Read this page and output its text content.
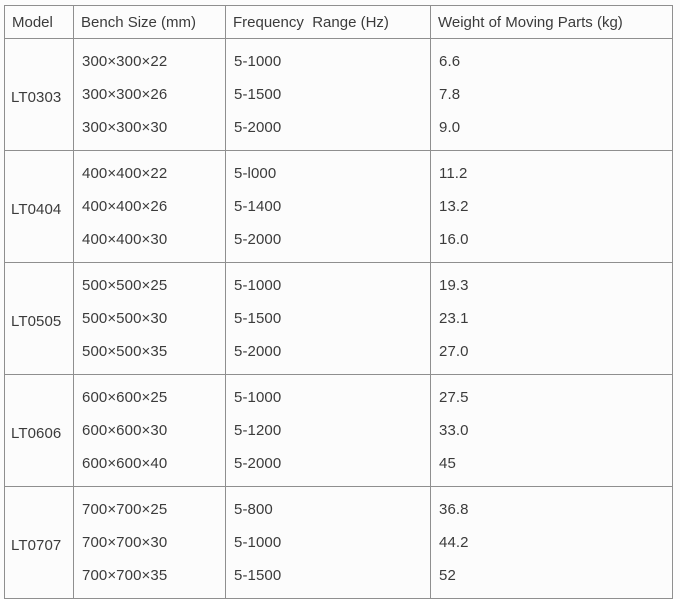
Model	Bench Size (mm)	Frequency  Range (Hz)	Weight of Moving Parts (kg)
LT0303	300×300×22	5-1000	6.6
	300×300×26	5-1500	7.8
	300×300×30	5-2000	9.0
LT0404	400×400×22	5-l000	11.2
	400×400×26	5-1400	13.2
	400×400×30	5-2000	16.0
LT0505	500×500×25	5-1000	19.3
	500×500×30	5-1500	23.1
	500×500×35	5-2000	27.0
LT0606	600×600×25	5-1000	27.5
	600×600×30	5-1200	33.0
	600×600×40	5-2000	45
LT0707	700×700×25	5-800	36.8
	700×700×30	5-1000	44.2
	700×700×35	5-1500	52
